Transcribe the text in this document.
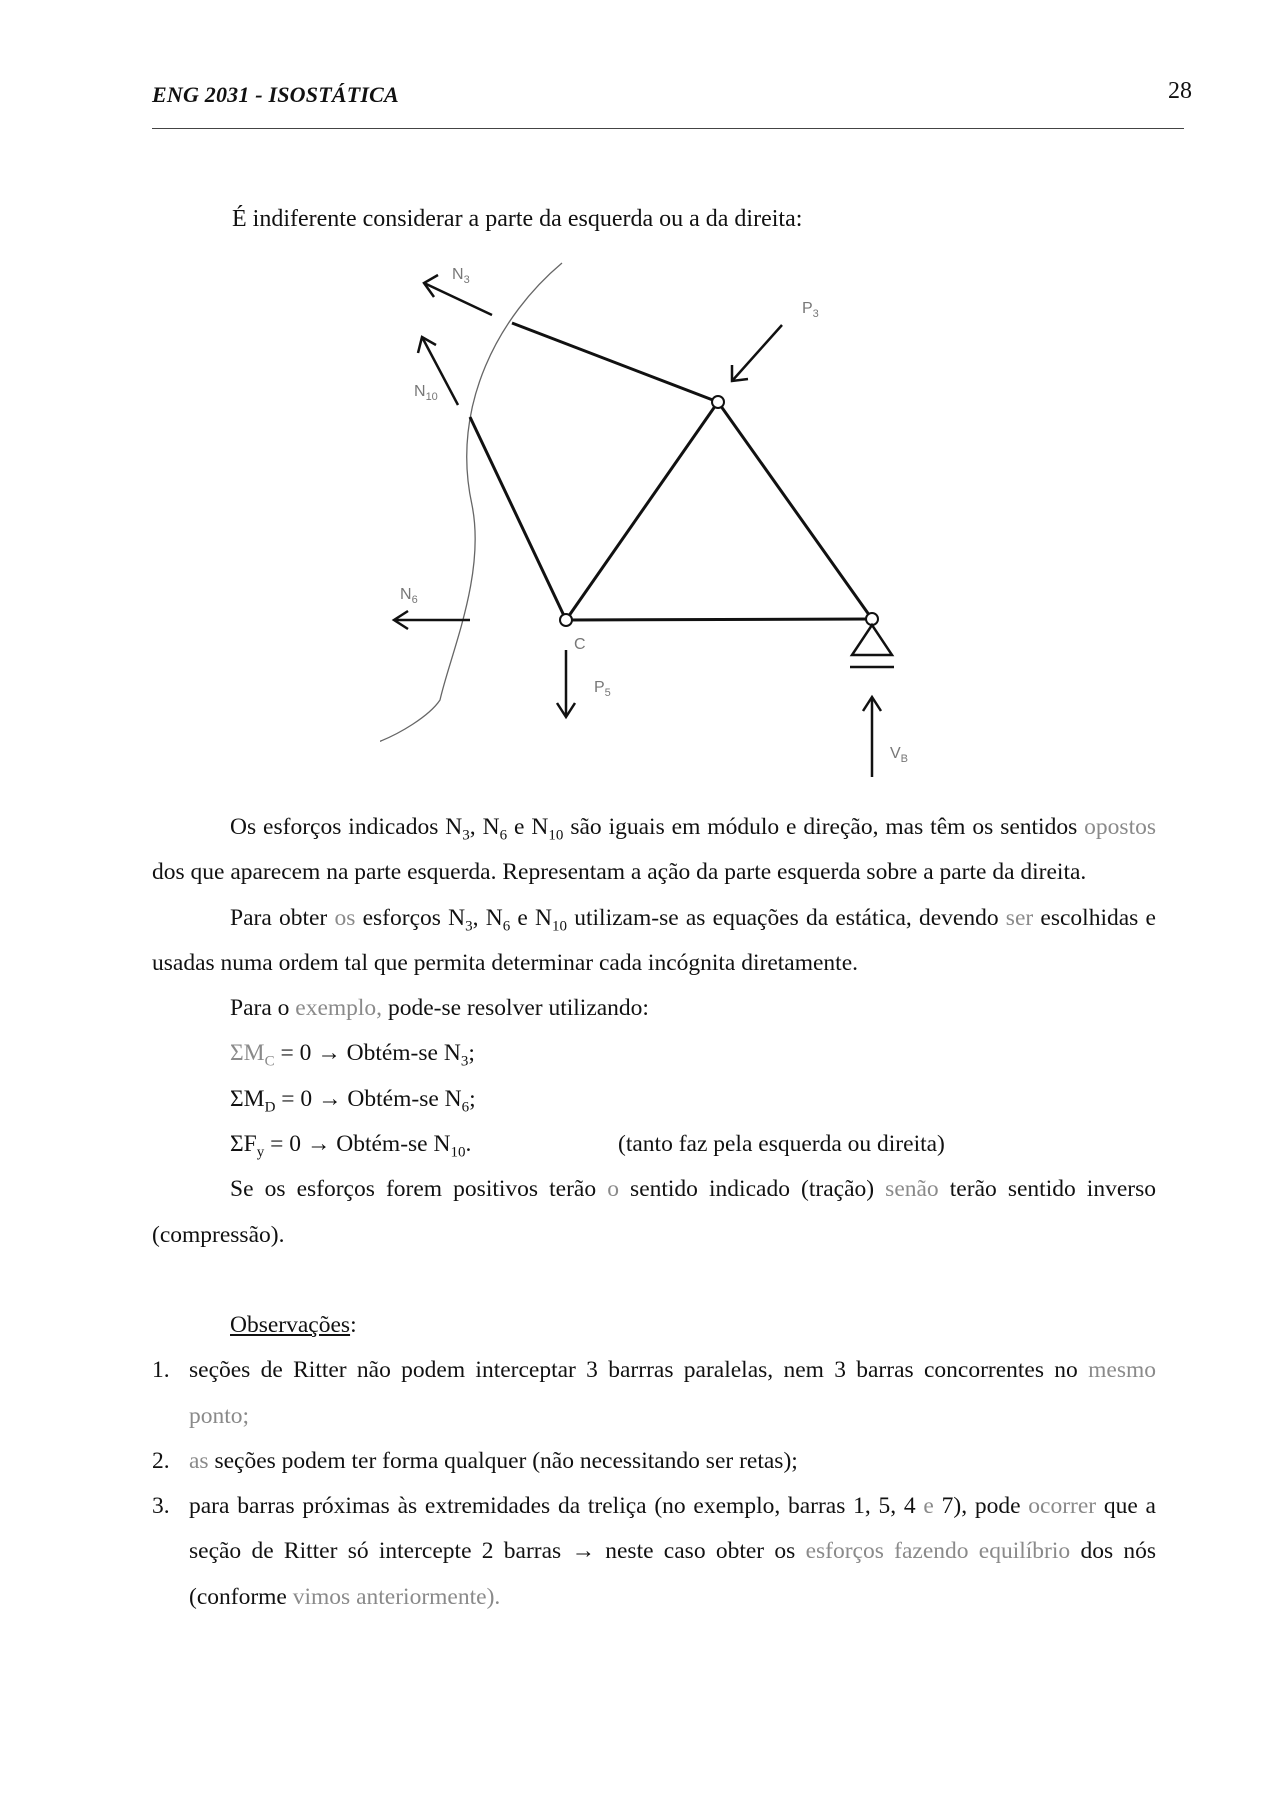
ENG 2031 - ISOSTÁTICA	28
É indiferente considerar a parte da esquerda ou a da direita:
$N_3$
$N_{10}$
$N_6$
$P_3$
$P_5$
C
$V_B$

Os esforços indicados $N_3$, $N_6$ e $N_{10}$ são iguais em módulo e direção, mas têm os sentidos opostos dos que aparecem na parte esquerda. Representam a ação da parte esquerda sobre a parte da direita.

Para obter os esforços $N_3$, $N_6$ e $N_{10}$ utilizam-se as equações da estática, devendo ser escolhidas e usadas numa ordem tal que permita determinar cada incógnita diretamente.

Para o exemplo, pode-se resolver utilizando:

$\Sigma M_C = 0$ → Obtém-se $N_3$;

$\Sigma M_D = 0$ → Obtém-se $N_6$;

$\Sigma F_y = 0$ → Obtém-se $N_{10}$.	(tanto faz pela esquerda ou direita)

Se os esforços forem positivos terão o sentido indicado (tração) senão terão sentido inverso (compressão).

Observações:

1. seções de Ritter não podem interceptar 3 barrras paralelas, nem 3 barras concorrentes no mesmo ponto;
2. as seções podem ter forma qualquer (não necessitando ser retas);
3. para barras próximas às extremidades da treliça (no exemplo, barras 1, 5, 4 e 7), pode ocorrer que a seção de Ritter só intercepte 2 barras → neste caso obter os esforços fazendo equilíbrio dos nós (conforme vimos anteriormente).
